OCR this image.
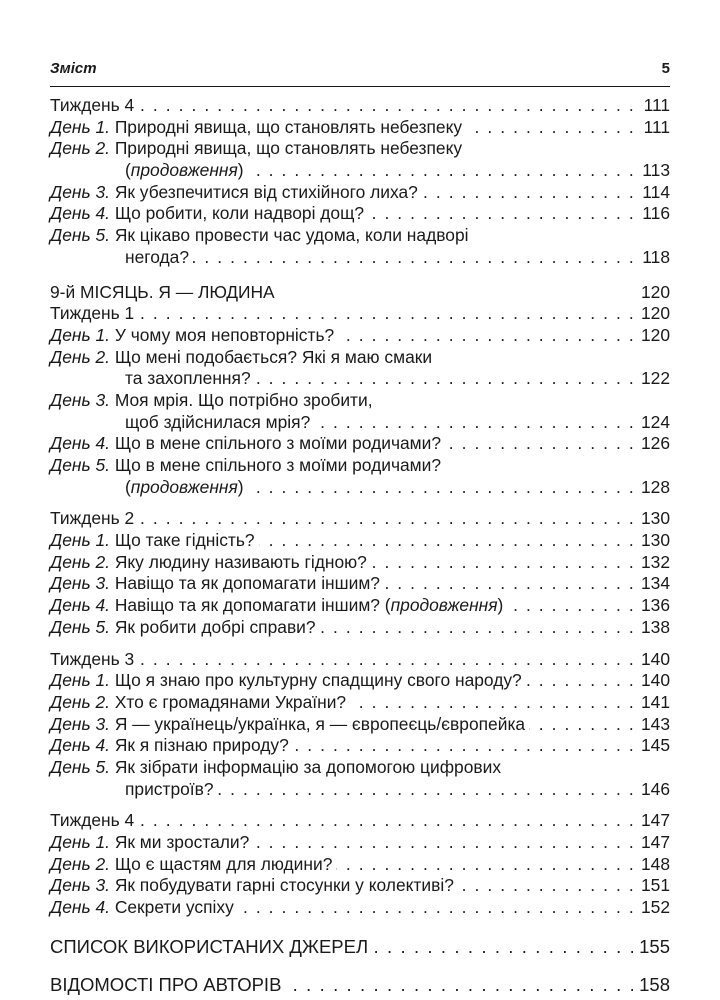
Зміст	5
. . . Тиждень 4	111
. . . День 1. Природні явища, що становлять небезпеку	111
День 2. Природні явища, що становлять небезпеку
. . . (продовження)	113
. . . День 3. Як убезпечитися від стихійного лиха?	114
. . . День 4. Що робити, коли надворі дощ?	116
День 5. Як цікаво провести час удома, коли надворі
. . . негода?	118
9-й МІСЯЦЬ. Я — ЛЮДИНА	120
. . . Тиждень 1	120
. . . День 1. У чому моя неповторність?	120
День 2. Що мені подобається? Які я маю смаки
. . . та захоплення?	122
День 3. Моя мрія. Що потрібно зробити,
. . . щоб здійснилася мрія?	124
. . . День 4. Що в мене спільного з моїми родичами?	126
День 5. Що в мене спільного з моїми родичами?
. . . (продовження)	128
. . . Тиждень 2	130
. . . День 1. Що таке гідність?	130
. . . День 2. Яку людину називають гідною?	132
. . . День 3. Навіщо та як допомагати іншим?	134
. . . День 4. Навіщо та як допомагати іншим? (продовження)	136
. . . День 5. Як робити добрі справи?	138
. . . Тиждень 3	140
. . . День 1. Що я знаю про культурну спадщину свого народу?	140
. . . День 2. Хто є громадянами України?	141
. . . День 3. Я — українець/українка, я — європеєць/європейка	143
. . . День 4. Як я пізнаю природу?	145
День 5. Як зібрати інформацію за допомогою цифрових
. . . пристроїв?	146
. . . Тиждень 4	147
. . . День 1. Як ми зростали?	147
. . . День 2. Що є щастям для людини?	148
. . . День 3. Як побудувати гарні стосунки у колективі?	151
. . . День 4. Секрети успіху	152
. . . СПИСОК ВИКОРИСТАНИХ ДЖЕРЕЛ	155
. . . ВІДОМОСТІ ПРО АВТОРІВ	158
